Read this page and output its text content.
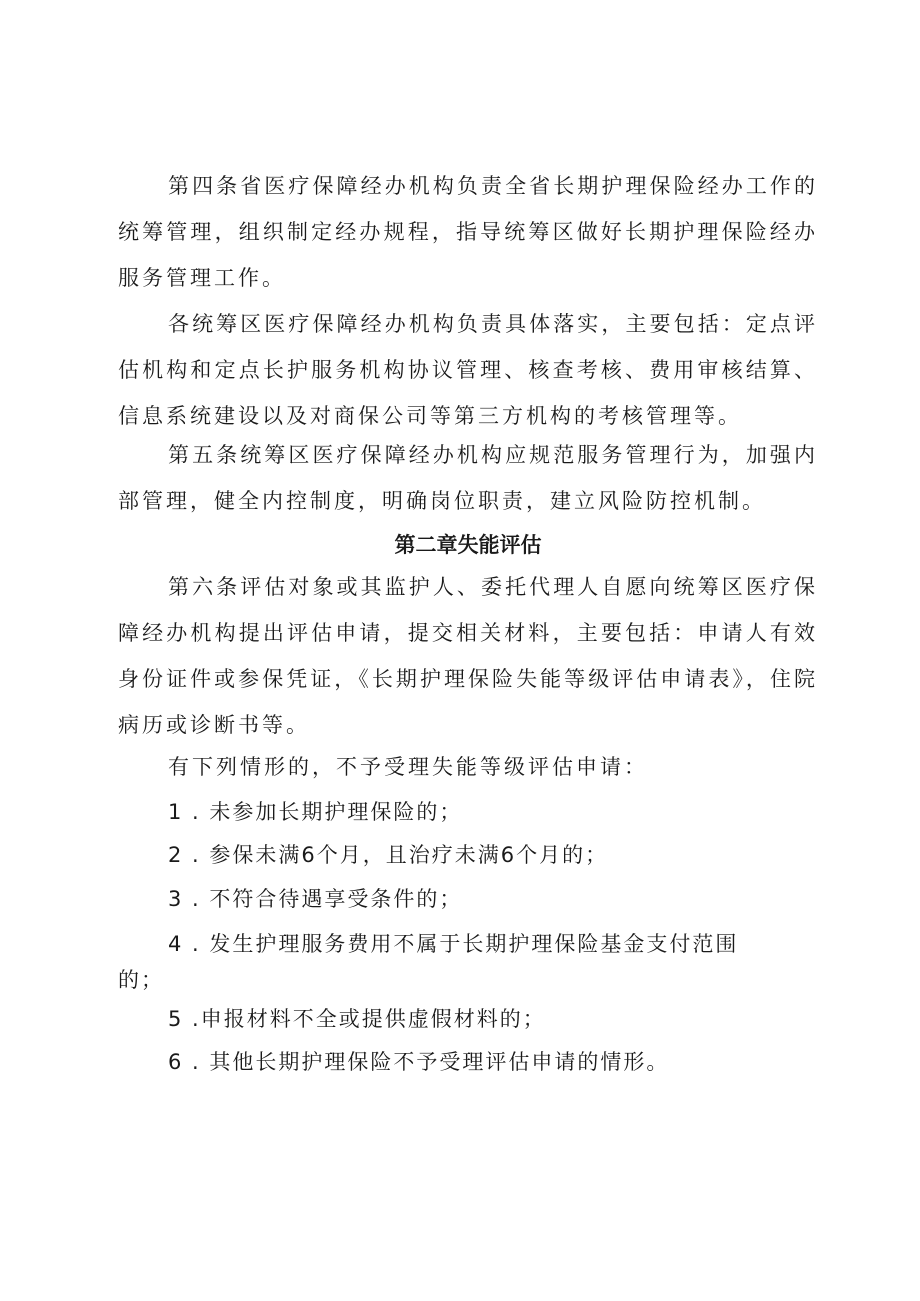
第四条省医疗保障经办机构负责全省长期护理保险经办工作的统筹管理，组织制定经办规程，指导统筹区做好长期护理保险经办服务管理工作。

各统筹区医疗保障经办机构负责具体落实，主要包括：定点评估机构和定点长护服务机构协议管理、核查考核、费用审核结算、信息系统建设以及对商保公司等第三方机构的考核管理等。

第五条统筹区医疗保障经办机构应规范服务管理行为，加强内部管理，健全内控制度，明确岗位职责，建立风险防控机制。

第二章失能评估

第六条评估对象或其监护人、委托代理人自愿向统筹区医疗保障经办机构提出评估申请，提交相关材料，主要包括：申请人有效身份证件或参保凭证，《长期护理保险失能等级评估申请表》，住院病历或诊断书等。

有下列情形的，不予受理失能等级评估申请：

1 . 未参加长期护理保险的；

2 . 参保未满6个月，且治疗未满6个月的；

3 . 不符合待遇享受条件的；

4 . 发生护理服务费用不属于长期护理保险基金支付范围
的；

5 .申报材料不全或提供虚假材料的；

6 . 其他长期护理保险不予受理评估申请的情形。
